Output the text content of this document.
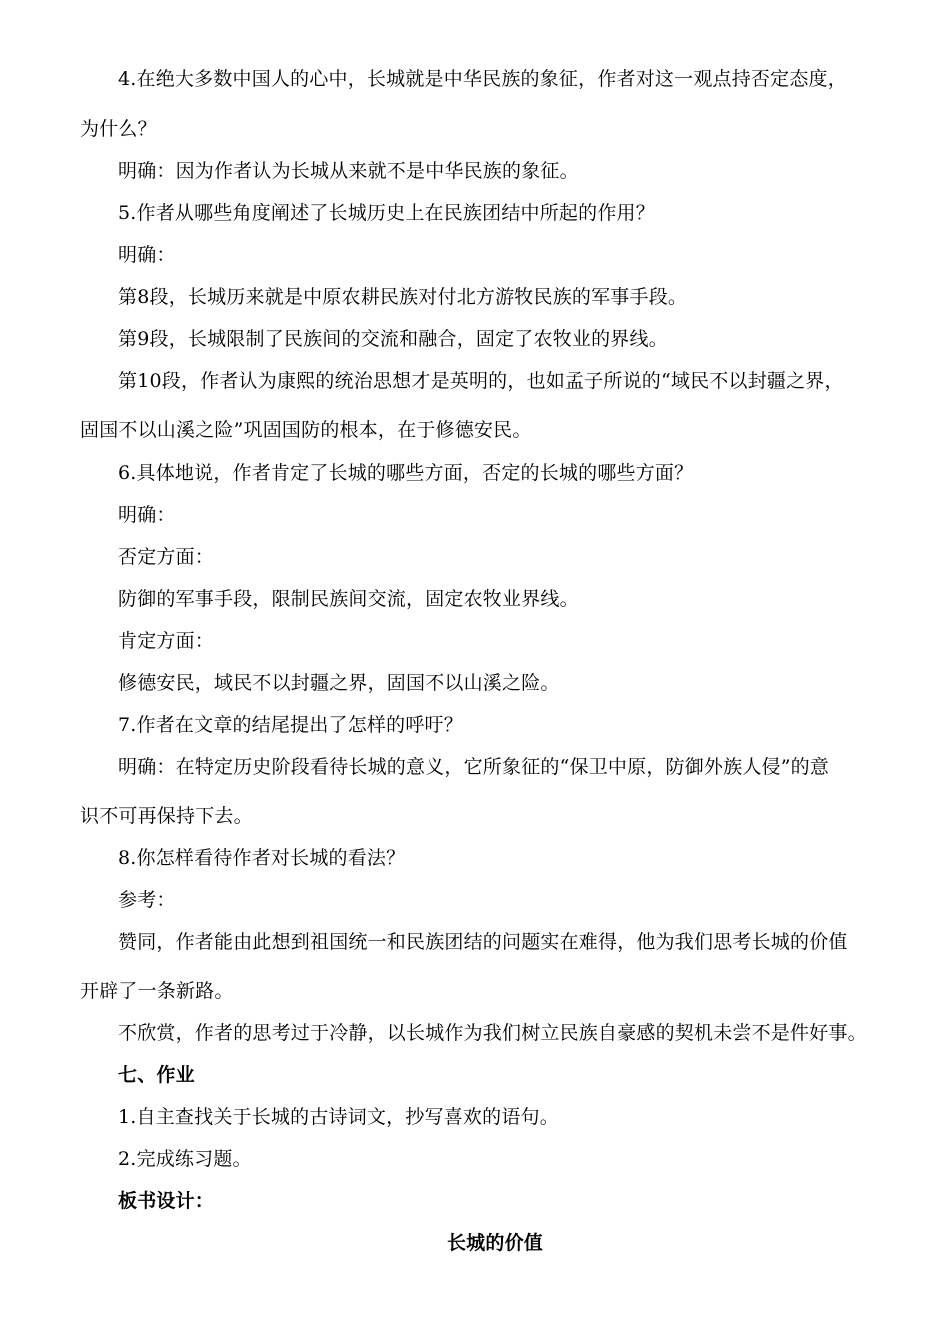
4.在绝大多数中国人的心中，长城就是中华民族的象征，作者对这一观点持否定态度，
为什么？
明确：因为作者认为长城从来就不是中华民族的象征。
5.作者从哪些角度阐述了长城历史上在民族团结中所起的作用？
明确：
第8段，长城历来就是中原农耕民族对付北方游牧民族的军事手段。
第9段，长城限制了民族间的交流和融合，固定了农牧业的界线。
第10段，作者认为康熙的统治思想才是英明的，也如孟子所说的“域民不以封疆之界，
固国不以山溪之险”巩固国防的根本，在于修德安民。
6.具体地说，作者肯定了长城的哪些方面，否定的长城的哪些方面？
明确：
否定方面：
防御的军事手段，限制民族间交流，固定农牧业界线。
肯定方面：
修德安民，域民不以封疆之界，固国不以山溪之险。
7.作者在文章的结尾提出了怎样的呼吁？
明确：在特定历史阶段看待长城的意义，它所象征的“保卫中原，防御外族人侵”的意
识不可再保持下去。
8.你怎样看待作者对长城的看法？
参考：
赞同，作者能由此想到祖国统一和民族团结的问题实在难得，他为我们思考长城的价值
开辟了一条新路。
不欣赏，作者的思考过于冷静，以长城作为我们树立民族自豪感的契机未尝不是件好事。
七、作业
1.自主查找关于长城的古诗词文，抄写喜欢的语句。
2.完成练习题。
板书设计：
长城的价值
